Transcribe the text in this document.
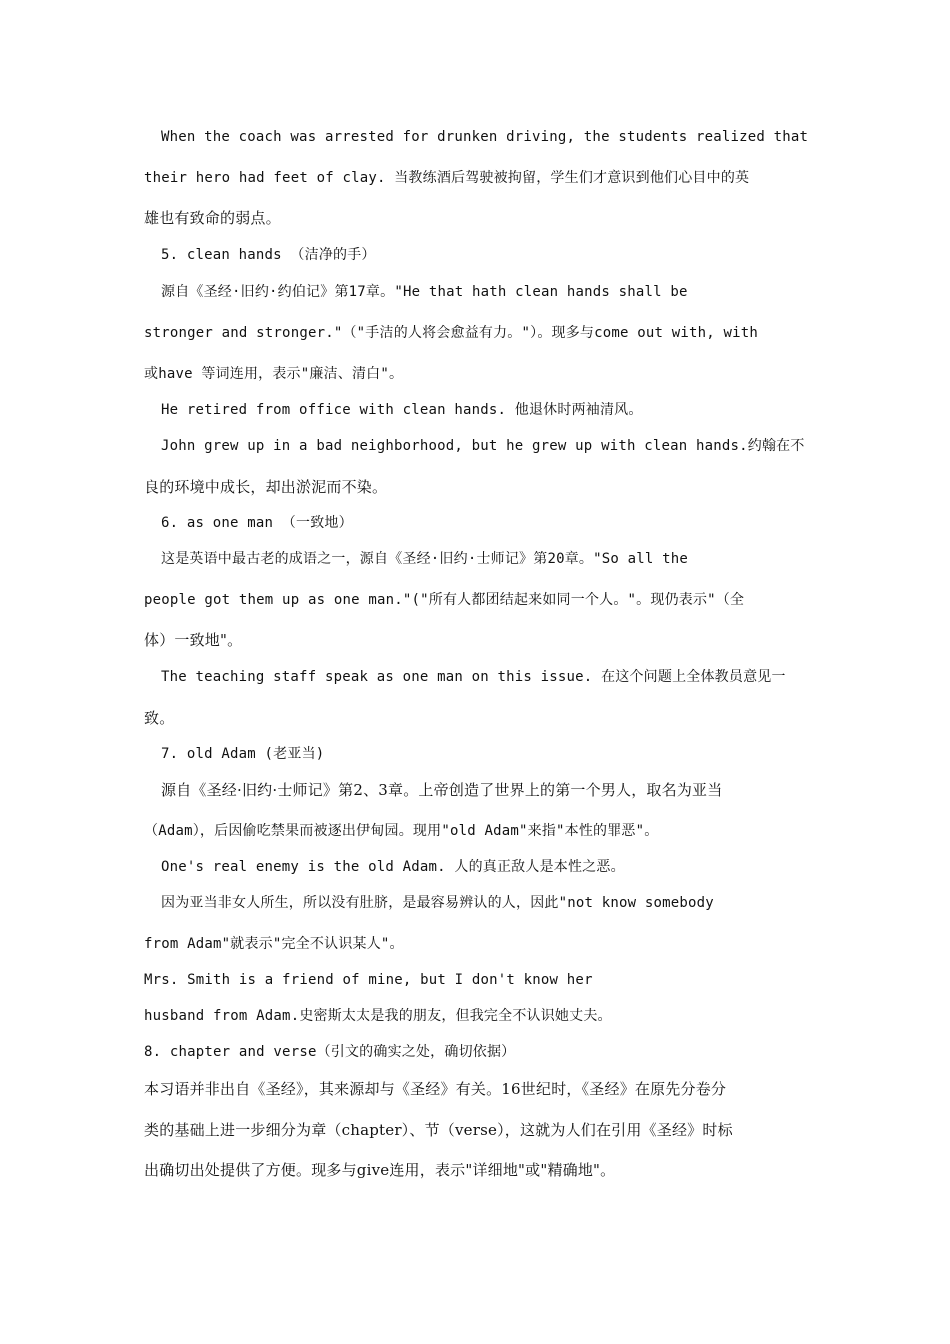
When the coach was arrested for drunken driving, the students realized that
their hero had feet of clay. 当教练酒后驾驶被拘留，学生们才意识到他们心目中的英
雄也有致命的弱点。
5. clean hands （洁净的手）
源自《圣经·旧约·约伯记》第17章。"He that hath clean hands shall be
stronger and stronger."（"手洁的人将会愈益有力。"）。现多与come out with, with
或have 等词连用，表示"廉洁、清白"。
He retired from office with clean hands. 他退休时两袖清风。
John grew up in a bad neighborhood, but he grew up with clean hands.约翰在不
良的环境中成长，却出淤泥而不染。
6. as one man （一致地）
这是英语中最古老的成语之一，源自《圣经·旧约·士师记》第20章。"So all the
people got them up as one man."("所有人都团结起来如同一个人。"。现仍表示"（全
体）一致地"。
The teaching staff speak as one man on this issue. 在这个问题上全体教员意见一
致。
7. old Adam (老亚当)
源自《圣经·旧约·士师记》第2、3章。上帝创造了世界上的第一个男人，取名为亚当
（Adam），后因偷吃禁果而被逐出伊甸园。现用"old Adam"来指"本性的罪恶"。
One's real enemy is the old Adam. 人的真正敌人是本性之恶。
因为亚当非女人所生，所以没有肚脐，是最容易辨认的人，因此"not know somebody
from Adam"就表示"完全不认识某人"。
Mrs. Smith is a friend of mine, but I don't know her
husband from Adam.史密斯太太是我的朋友，但我完全不认识她丈夫。
8. chapter and verse（引文的确实之处，确切依据）
本习语并非出自《圣经》，其来源却与《圣经》有关。16世纪时，《圣经》在原先分卷分
类的基础上进一步细分为章（chapter）、节（verse），这就为人们在引用《圣经》时标
出确切出处提供了方便。现多与give连用，表示"详细地"或"精确地"。
